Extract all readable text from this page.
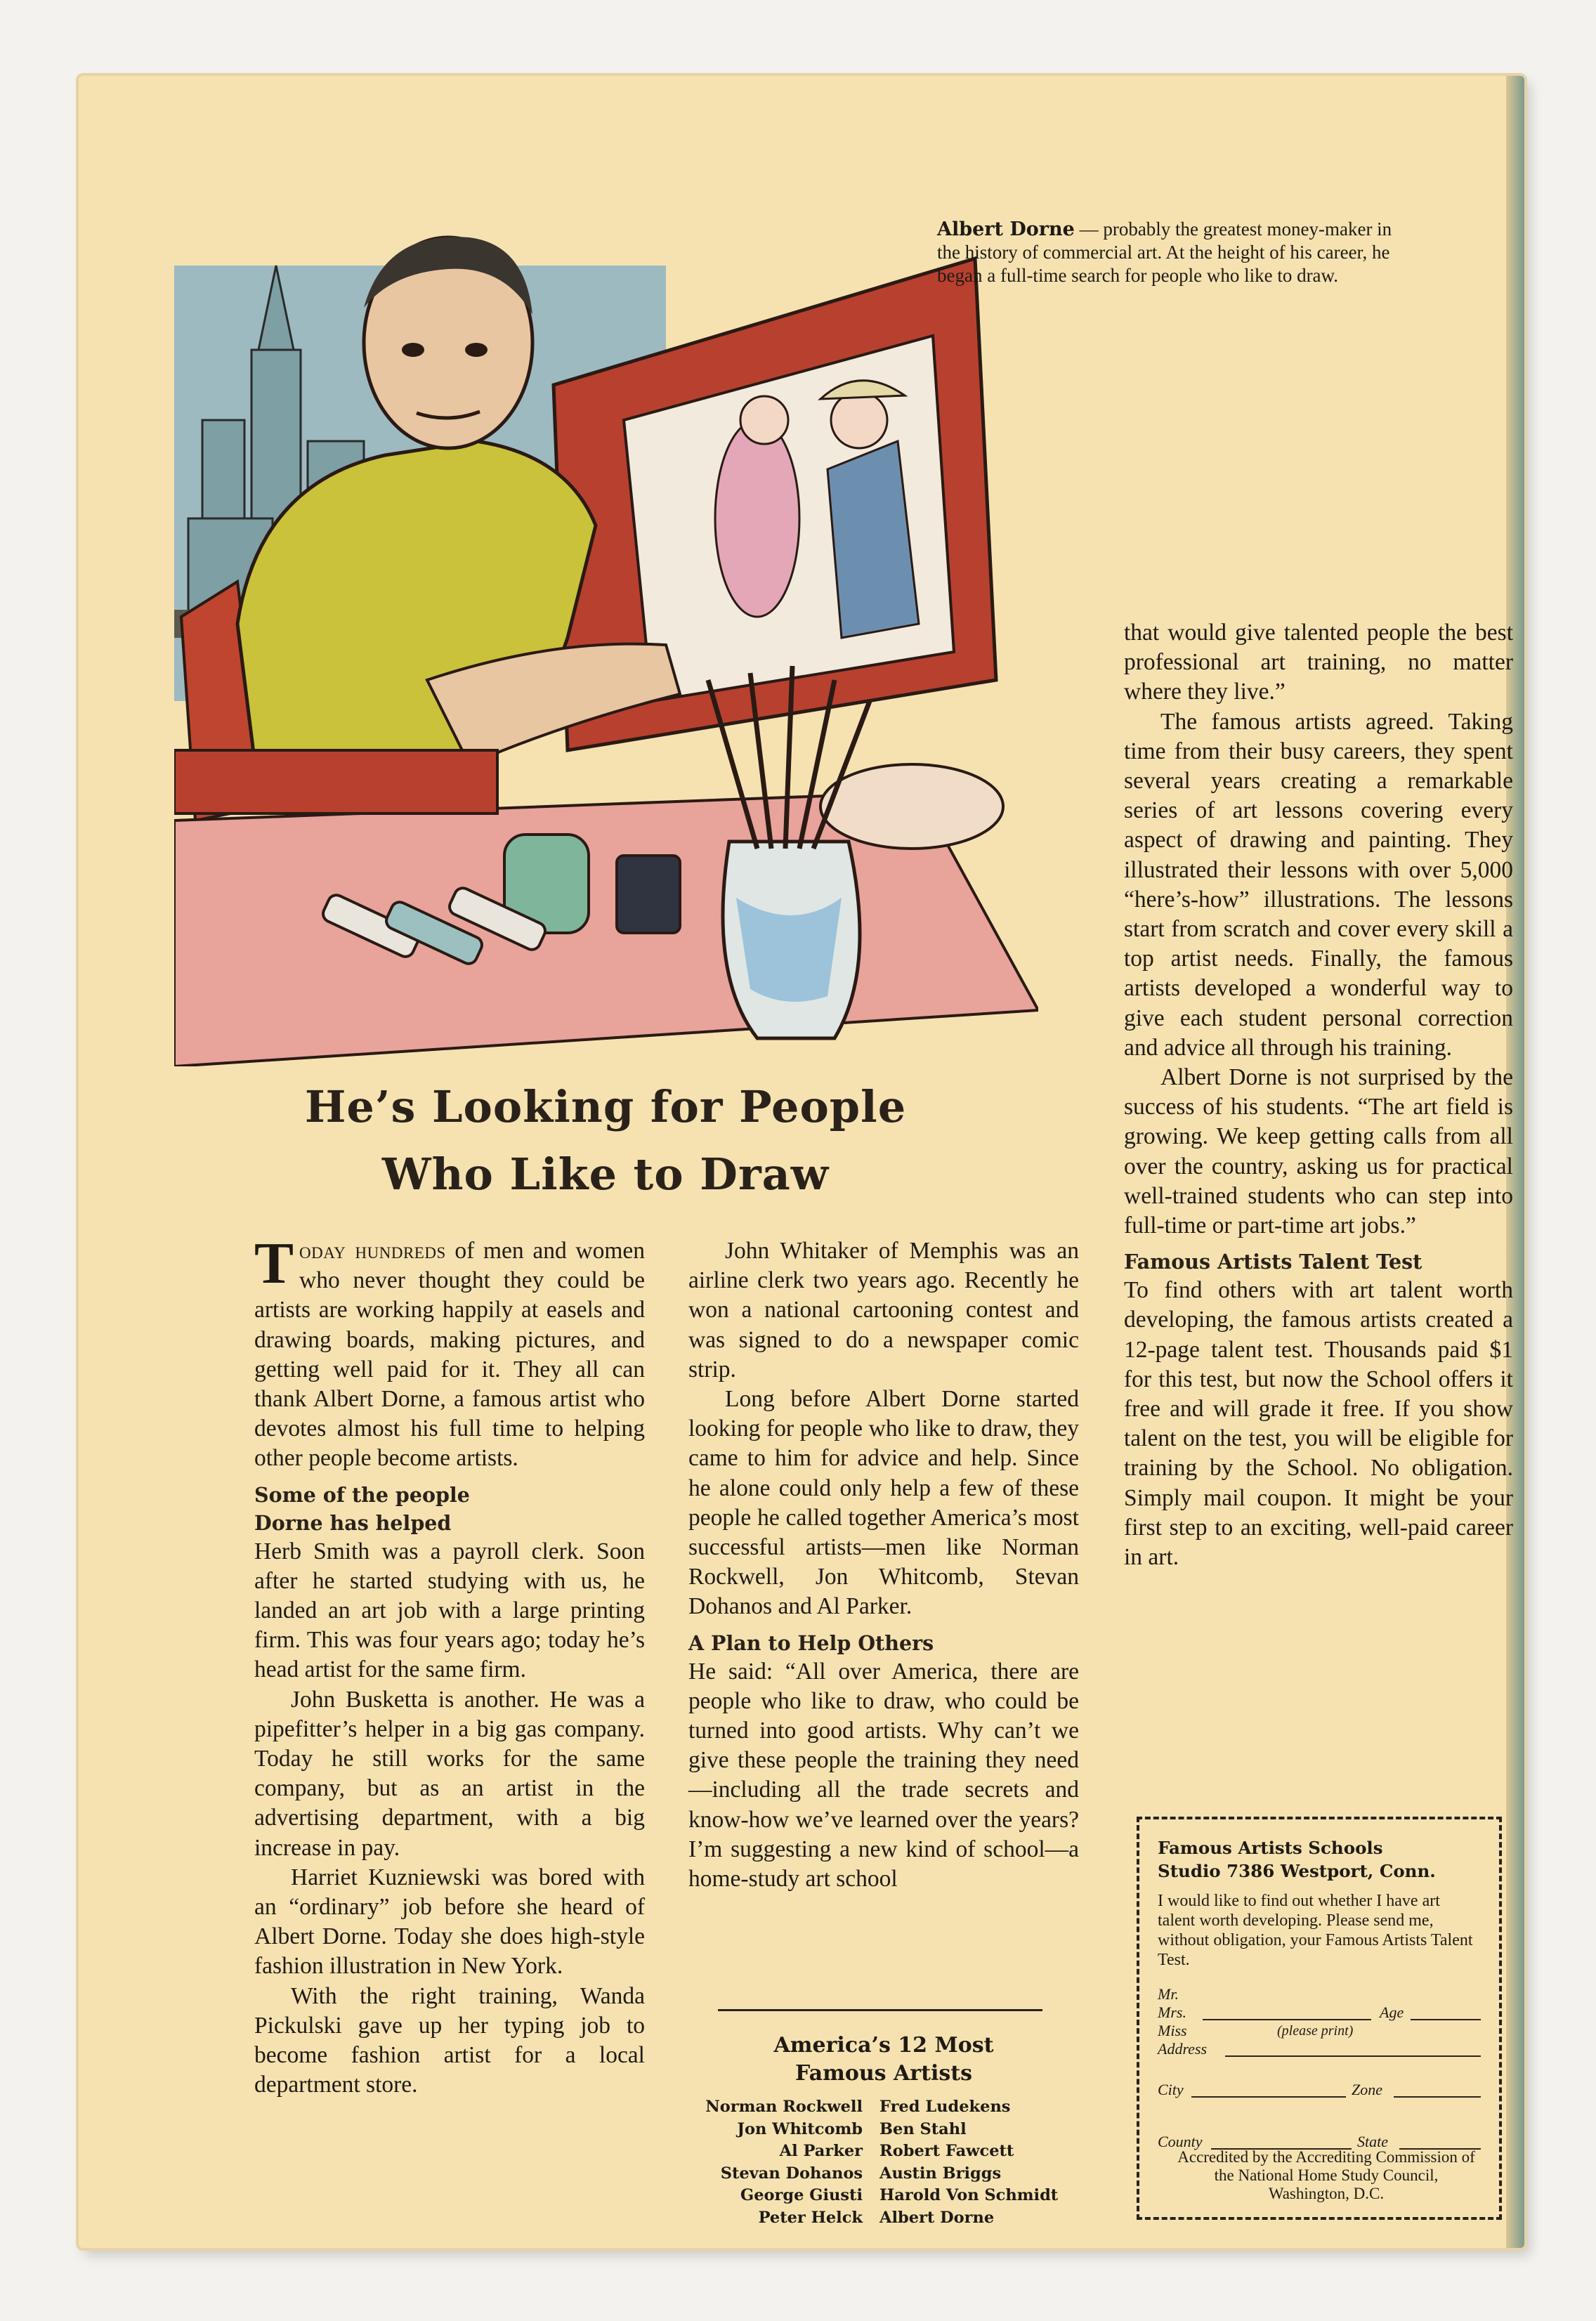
Albert Dorne — probably the greatest money-maker in the history of commercial art. At the height of his career, he began a full-time search for people who like to draw.
He’s Looking for People
Who Like to Draw

Today hundreds of men and women who never thought they could be artists are working happily at easels and drawing boards, making pictures, and getting well paid for it. They all can thank Albert Dorne, a famous artist who devotes almost his full time to helping other people become artists.

Some of the people
Dorne has helped

Herb Smith was a payroll clerk. Soon after he started studying with us, he landed an art job with a large printing firm. This was four years ago; today he’s head artist for the same firm.

John Busketta is another. He was a pipefitter’s helper in a big gas company. Today he still works for the same company, but as an artist in the advertising department, with a big increase in pay.

Harriet Kuzniewski was bored with an “ordinary” job before she heard of Albert Dorne. Today she does high-style fashion illustration in New York.

With the right training, Wanda Pickulski gave up her typing job to become fashion artist for a local department store.

John Whitaker of Memphis was an airline clerk two years ago. Recently he won a national cartooning contest and was signed to do a newspaper comic strip.

Long before Albert Dorne started looking for people who like to draw, they came to him for advice and help. Since he alone could only help a few of these people he called together America’s most successful artists—men like Norman Rockwell, Jon Whitcomb, Stevan Dohanos and Al Parker.

A Plan to Help Others

He said: “All over America, there are people who like to draw, who could be turned into good artists. Why can’t we give these people the training they need—including all the trade secrets and know-how we’ve learned over the years? I’m suggesting a new kind of school—a home-study art school

that would give talented people the best professional art training, no matter where they live.”

The famous artists agreed. Taking time from their busy careers, they spent several years creating a remarkable series of art lessons covering every aspect of drawing and painting. They illustrated their lessons with over 5,000 “here’s-how” illustrations. The lessons start from scratch and cover every skill a top artist needs. Finally, the famous artists developed a wonderful way to give each student personal correction and advice all through his training.

Albert Dorne is not surprised by the success of his students. “The art field is growing. We keep getting calls from all over the country, asking us for practical well-trained students who can step into full-time or part-time art jobs.”

Famous Artists Talent Test

To find others with art talent worth developing, the famous artists created a 12-page talent test. Thousands paid $1 for this test, but now the School offers it free and will grade it free. If you show talent on the test, you will be eligible for training by the School. No obligation. Simply mail coupon. It might be your first step to an exciting, well-paid career in art.

America’s 12 Most
Famous Artists
Norman Rockwell Fred Ludekens
Jon Whitcomb Ben Stahl
Al Parker Robert Fawcett
Stevan Dohanos Austin Briggs
George Giusti Harold Von Schmidt
Peter Helck Albert Dorne
Famous Artists Schools
Studio 7386 Westport, Conn.
I would like to find out whether I have art talent worth developing. Please send me, without obligation, your Famous Artists Talent Test.
Mr.
Mrs.	Age
Miss	(please print)
Address
City	Zone
County	State
Accredited by the Accrediting Commission of the National Home Study Council, Washington, D.C.
